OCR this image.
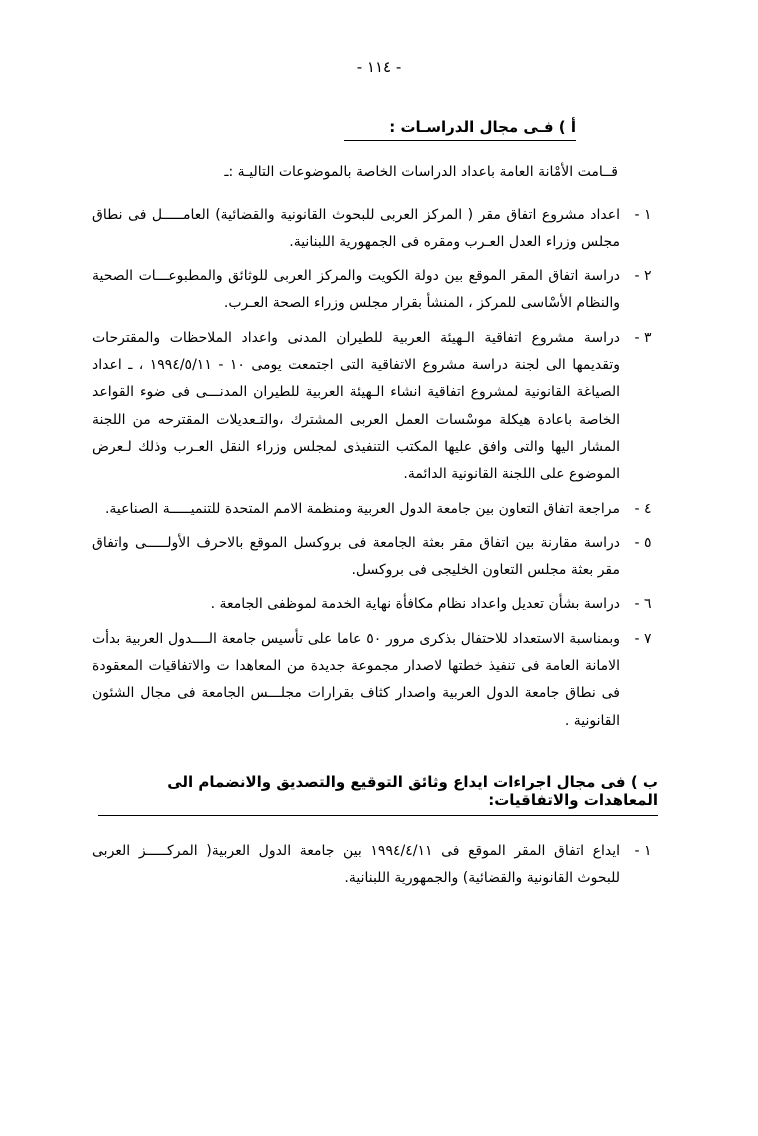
- ١١٤ -
أ ) فـى مجال الدراسـات :
قــامت الأمْانة العامة باعداد الدراسات الخاصة بالموضوعات التاليـة :ـ
١ -
اعداد مشروع اتفاق مقر ( المركز العربى للبحوث القانونية والقضائية) العامـــــل فى نطاق مجلس وزراء العدل العـرب ومقره فى الجمهورية اللبنانية.
٢ -
دراسة اتفاق المقر الموقع بين دولة الكويت والمركز العربى للوثائق والمطبوعـــات الصحية والنظام الأسْاسى للمركز ، المنشأ بقرار مجلس وزراء الصحة العـرب.
٣ -
دراسة مشروع اتفاقية الـهيئة العربية للطيران المدنى واعداد الملاحظات والمقترحات وتقديمها الى لجنة دراسة مشروع الاتفاقية التى اجتمعت يومى ١٠ - ١٩٩٤/٥/١١ ، ـ اعداد الصياغة القانونية لمشروع اتفاقية انشاء الـهيئة العربية للطيران المدنـــى فى ضوء القواعد الخاصة باعادة هيكلة موسْسات العمل العربى المشترك ،والتـعديلات المقترحه من اللجنة المشار اليها والتى وافق عليها المكتب التنفيذى لمجلس وزراء النقل العـرب وذلك لـعرض الموضوع على اللجنة القانونية الدائمة.
٤ -
مراجعة اتفاق التعاون بين جامعة الدول العربية ومنظمة الامم المتحدة للتنميـــــة الصناعية.
٥ -
دراسة مقارنة بين اتفاق مقر بعثة الجامعة فى بروكسل الموقع بالاحرف الأولـــــى واتفاق مقر بعثة مجلس التعاون الخليجى فى بروكسل.
٦ -
دراسة بشأن تعديل واعداد نظام مكافأة نهاية الخدمة لموظفى الجامعة .
٧ -
وبمناسبة الاستعداد للاحتفال بذكرى مرور ٥٠ عاما على تأسيس جامعة الــــدول العربية بدأت الامانة العامة فى تنفيذ خطتها لاصدار مجموعة جديدة من المعاهدا ت والاتفاقيات المعقودة فى نطاق جامعة الدول العربية واصدار كثاف بقرارات مجلـــس الجامعة فى مجال الشئون القانونية .
ب ) فى مجال اجراءات ايداع وثائق التوقيع والتصديق والانضمام الى المعاهدات والاتفاقيات:
١ -
ايداع اتفاق المقر الموقع فى ١٩٩٤/٤/١١ بين جامعة الدول العربية( المركـــــز العربى للبحوث القانونية والقضائية) والجمهورية اللبنانية.
